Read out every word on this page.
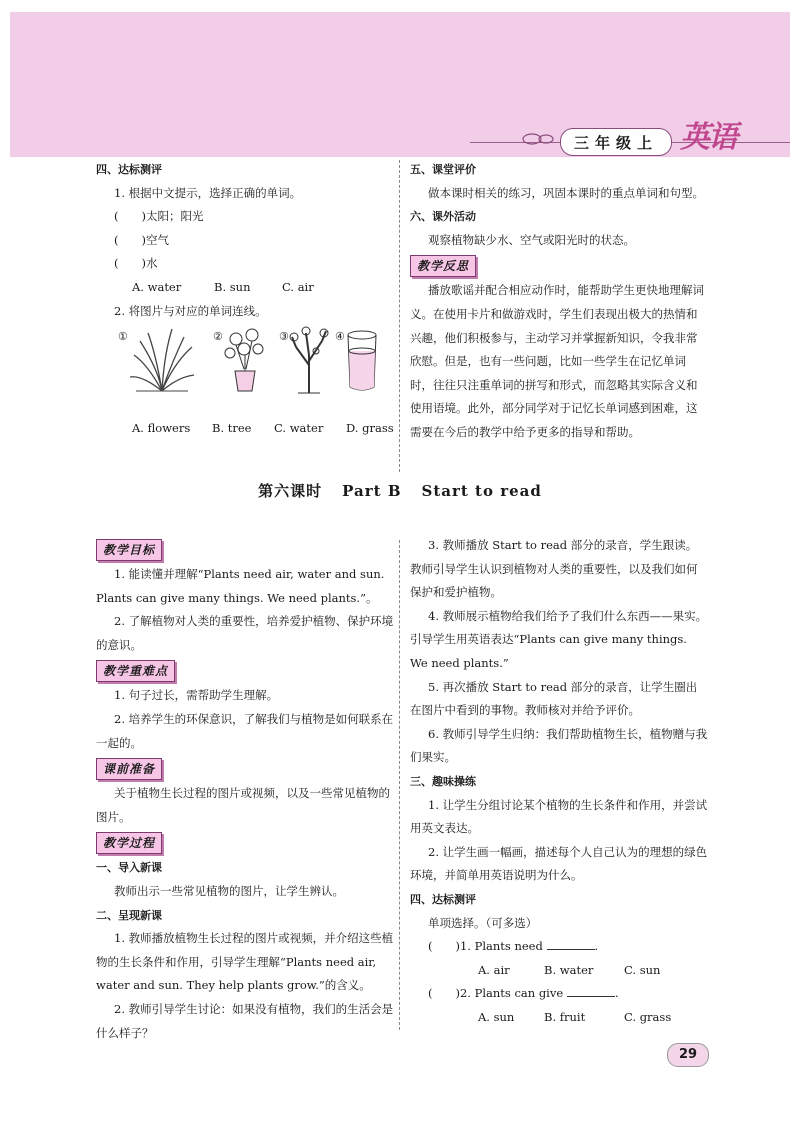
三年级上 英语

四、达标测评

1. 根据中文提示，选择正确的单词。

(　　)太阳；阳光

(　　)空气

(　　)水

A. water	B. sun	C. air

2. 将图片与对应的单词连线。

①	②	③	④

A. flowers B. tree C. water D. grass

五、课堂评价

做本课时相关的练习，巩固本课时的重点单词和句型。

六、课外活动

观察植物缺少水、空气或阳光时的状态。

教学反思

播放歌谣并配合相应动作时，能帮助学生更快地理解词义。在使用卡片和做游戏时，学生们表现出极大的热情和兴趣，他们积极参与，主动学习并掌握新知识，令我非常欣慰。但是，也有一些问题，比如一些学生在记忆单词时，往往只注重单词的拼写和形式，而忽略其实际含义和使用语境。此外，部分同学对于记忆长单词感到困难，这需要在今后的教学中给予更多的指导和帮助。

第六课时 Part B Start to read
教学目标

1. 能读懂并理解“Plants need air, water and sun. Plants can give many things. We need plants.”。

2. 了解植物对人类的重要性，培养爱护植物、保护环境的意识。

教学重难点

1. 句子过长，需帮助学生理解。

2. 培养学生的环保意识，了解我们与植物是如何联系在一起的。

课前准备

关于植物生长过程的图片或视频，以及一些常见植物的图片。

教学过程

一、导入新课

教师出示一些常见植物的图片，让学生辨认。

二、呈现新课

1. 教师播放植物生长过程的图片或视频，并介绍这些植物的生长条件和作用，引导学生理解“Plants need air, water and sun. They help plants grow.”的含义。

2. 教师引导学生讨论：如果没有植物，我们的生活会是什么样子？

3. 教师播放 Start to read 部分的录音，学生跟读。教师引导学生认识到植物对人类的重要性，以及我们如何保护和爱护植物。

4. 教师展示植物给我们给予了我们什么东西——果实。引导学生用英语表达“Plants can give many things. We need plants.”

5. 再次播放 Start to read 部分的录音，让学生圈出在图片中看到的事物。教师核对并给予评价。

6. 教师引导学生归纳：我们帮助植物生长，植物赠与我们果实。

三、趣味操练

1. 让学生分组讨论某个植物的生长条件和作用，并尝试用英文表达。

2. 让学生画一幅画，描述每个人自己认为的理想的绿色环境，并简单用英语说明为什么。

四、达标测评

单项选择。（可多选）

(　　)1. Plants need	.

A. air	B. water	C. sun

(　　)2. Plants can give	.

A. sun	B. fruit	C. grass

29
